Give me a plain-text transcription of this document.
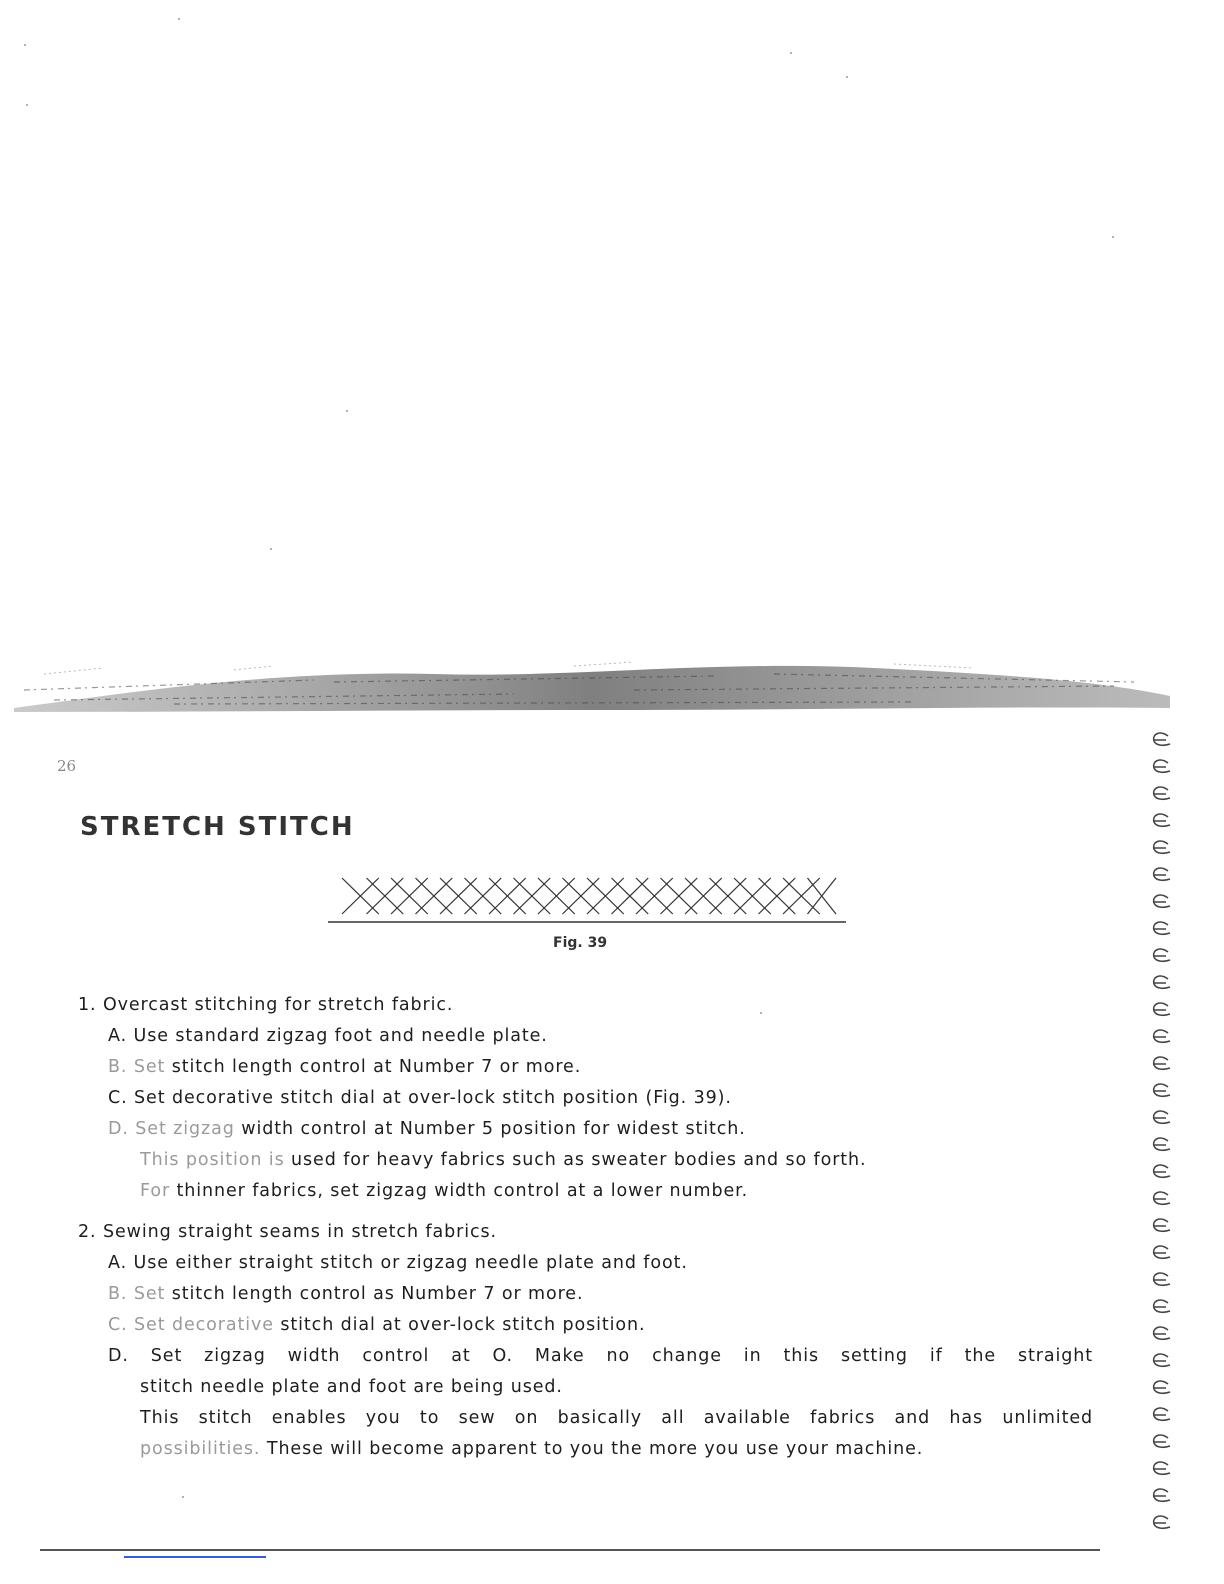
26
STRETCH STITCH
Fig. 39
1. Overcast stitching for stretch fabric.
A. Use standard zigzag foot and needle plate.
B. Set stitch length control at Number 7 or more.
C. Set decorative stitch dial at over-lock stitch position (Fig. 39).
D. Set zigzag width control at Number 5 position for widest stitch.
This position is used for heavy fabrics such as sweater bodies and so forth.
For thinner fabrics, set zigzag width control at a lower number.
2. Sewing straight seams in stretch fabrics.
A. Use either straight stitch or zigzag needle plate and foot.
B. Set stitch length control as Number 7 or more.
C. Set decorative stitch dial at over-lock stitch position.
D. Set zigzag width control at O. Make no change in this setting if the straight
stitch needle plate and foot are being used.
This stitch enables you to sew on basically all available fabrics and has unlimited
possibilities. These will become apparent to you the more you use your machine.
